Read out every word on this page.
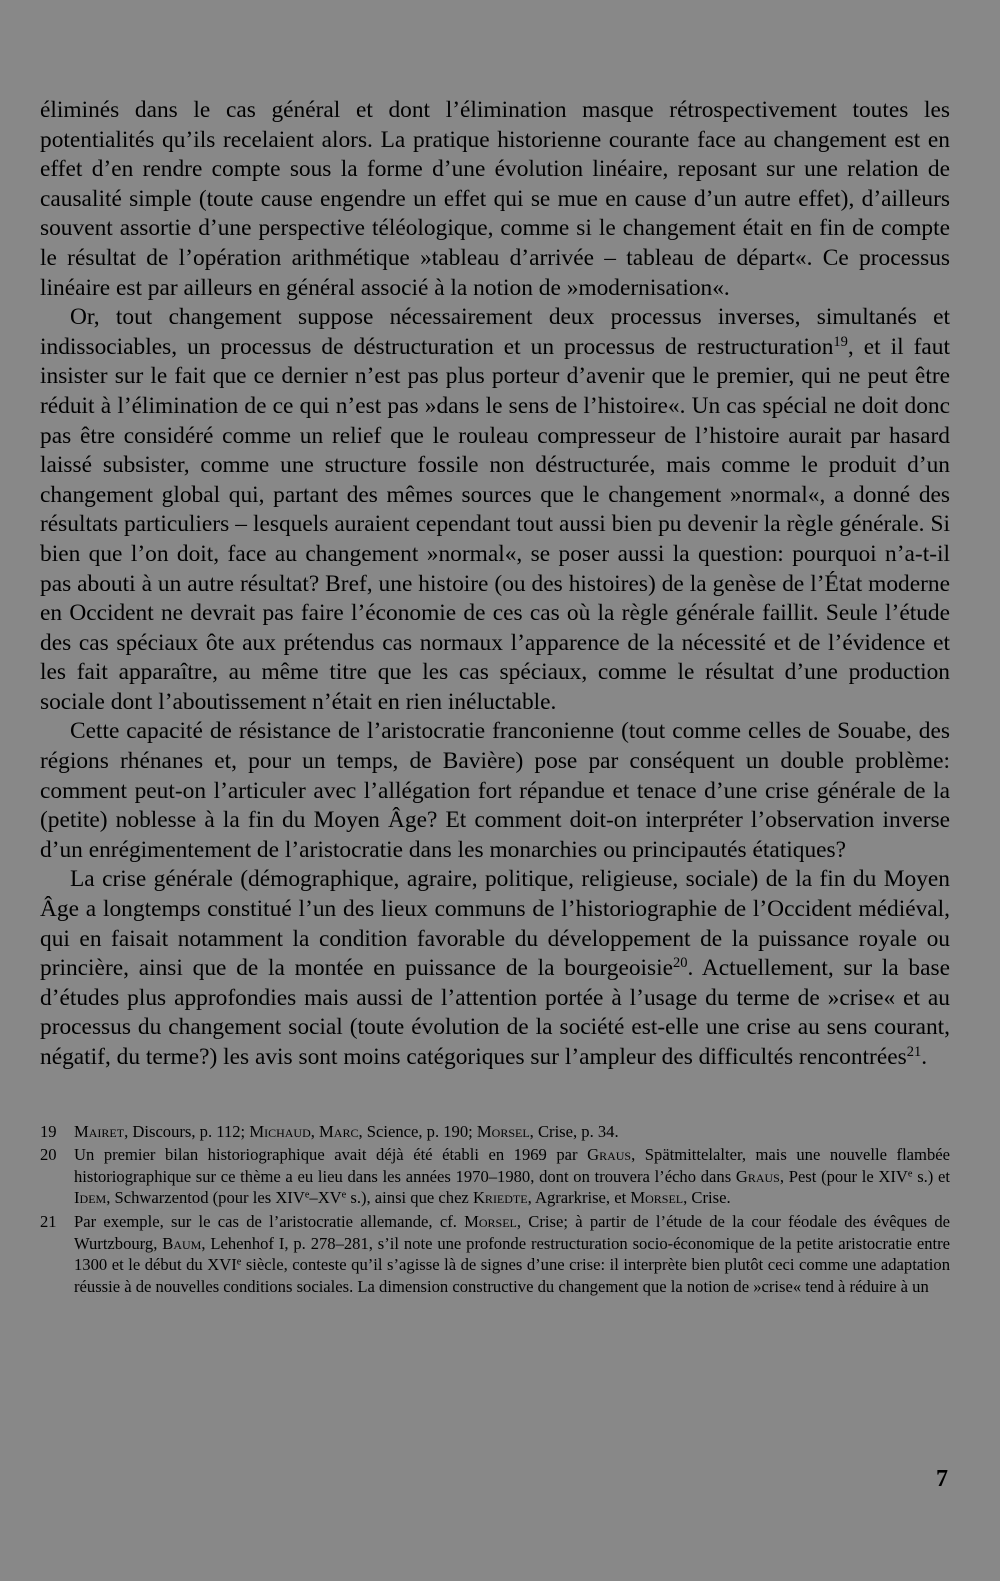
éliminés dans le cas général et dont l’élimination masque rétrospectivement toutes les potentialités qu’ils recelaient alors. La pratique historienne courante face au changement est en effet d’en rendre compte sous la forme d’une évolution linéaire, reposant sur une relation de causalité simple (toute cause engendre un effet qui se mue en cause d’un autre effet), d’ailleurs souvent assortie d’une perspective téléologique, comme si le changement était en fin de compte le résultat de l’opération arithmétique »tableau d’arrivée – tableau de départ«. Ce processus linéaire est par ailleurs en général associé à la notion de »modernisation«.

Or, tout changement suppose nécessairement deux processus inverses, simultanés et indissociables, un processus de déstructuration et un processus de restructuration$^{19}$, et il faut insister sur le fait que ce dernier n’est pas plus porteur d’avenir que le premier, qui ne peut être réduit à l’élimination de ce qui n’est pas »dans le sens de l’histoire«. Un cas spécial ne doit donc pas être considéré comme un relief que le rouleau compresseur de l’histoire aurait par hasard laissé subsister, comme une structure fossile non déstructurée, mais comme le produit d’un changement global qui, partant des mêmes sources que le changement »normal«, a donné des résultats particuliers – lesquels auraient cependant tout aussi bien pu devenir la règle générale. Si bien que l’on doit, face au changement »normal«, se poser aussi la question: pourquoi n’a-t-il pas abouti à un autre résultat? Bref, une histoire (ou des histoires) de la genèse de l’État moderne en Occident ne devrait pas faire l’économie de ces cas où la règle générale faillit. Seule l’étude des cas spéciaux ôte aux prétendus cas normaux l’apparence de la nécessité et de l’évidence et les fait apparaître, au même titre que les cas spéciaux, comme le résultat d’une production sociale dont l’aboutissement n’était en rien inéluctable.

Cette capacité de résistance de l’aristocratie franconienne (tout comme celles de Souabe, des régions rhénanes et, pour un temps, de Bavière) pose par conséquent un double problème: comment peut-on l’articuler avec l’allégation fort répandue et tenace d’une crise générale de la (petite) noblesse à la fin du Moyen Âge? Et comment doit-on interpréter l’observation inverse d’un enrégimentement de l’aristocratie dans les monarchies ou principautés étatiques?

La crise générale (démographique, agraire, politique, religieuse, sociale) de la fin du Moyen Âge a longtemps constitué l’un des lieux communs de l’historiographie de l’Occident médiéval, qui en faisait notamment la condition favorable du développement de la puissance royale ou princière, ainsi que de la montée en puissance de la bourgeoisie$^{20}$. Actuellement, sur la base d’études plus approfondies mais aussi de l’attention portée à l’usage du terme de »crise« et au processus du changement social (toute évolution de la société est-elle une crise au sens courant, négatif, du terme?) les avis sont moins catégoriques sur l’ampleur des difficultés rencontrées$^{21}$.

19	Mairet, Discours, p. 112; Michaud, Marc, Science, p. 190; Morsel, Crise, p. 34.
20	Un premier bilan historiographique avait déjà été établi en 1969 par Graus, Spätmittelalter, mais une nouvelle flambée historiographique sur ce thème a eu lieu dans les années 1970–1980, dont on trouvera l’écho dans Graus, Pest (pour le XIVe s.) et Idem, Schwarzentod (pour les XIVe–XVe s.), ainsi que chez Kriedte, Agrarkrise, et Morsel, Crise.
21	Par exemple, sur le cas de l’aristocratie allemande, cf. Morsel, Crise; à partir de l’étude de la cour féodale des évêques de Wurtzbourg, Baum, Lehenhof I, p. 278–281, s’il note une profonde restructuration socio-économique de la petite aristocratie entre 1300 et le début du XVIe siècle, conteste qu’il s’agisse là de signes d’une crise: il interprète bien plutôt ceci comme une adaptation réussie à de nouvelles conditions sociales. La dimension constructive du changement que la notion de »crise« tend à réduire à un
7
